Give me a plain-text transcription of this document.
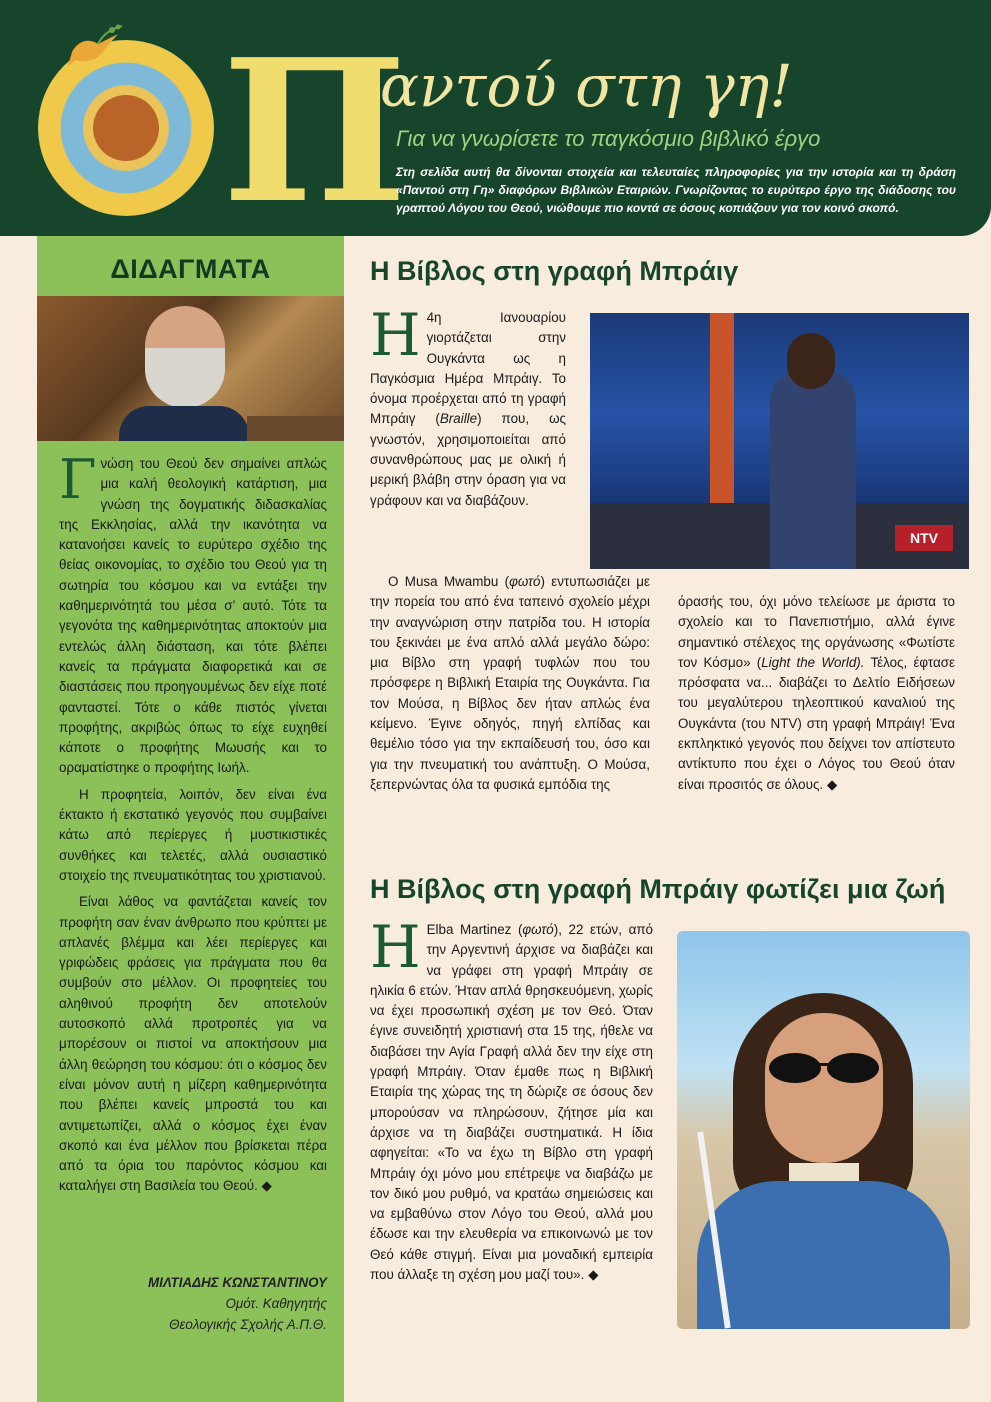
Π
αντού στη γη!
Για να γνωρίσετε το παγκόσμιο βιβλικό έργο
Στη σελίδα αυτή θα δίνονται στοιχεία και τελευταίες πληροφορίες για την ιστορία και τη δράση «Παντού στη Γη» διαφόρων Βιβλικών Εταιριών. Γνωρίζοντας το ευρύτερο έργο της διάδοσης του γραπτού Λόγου του Θεού, νιώθουμε πιο κοντά σε όσους κοπιάζουν για τον κοινό σκοπό.
ΔΙΔΑΓΜΑΤΑ

Γνώση του Θεού δεν σημαίνει απλώς μια καλή θεολογική κατάρτιση, μια γνώση της δογματικής διδασκαλίας της Εκκλησίας, αλλά την ικανότητα να κατανοήσει κανείς το ευρύτερο σχέδιο της θείας οικονομίας, το σχέδιο του Θεού για τη σωτηρία του κόσμου και να εντάξει την καθημερινότητά του μέσα σ’ αυτό. Τότε τα γεγονότα της καθημερινότητας αποκτούν μια εντελώς άλλη διάσταση, και τότε βλέπει κανείς τα πράγματα διαφορετικά και σε διαστάσεις που προηγουμένως δεν είχε ποτέ φανταστεί. Τότε ο κάθε πιστός γίνεται προφήτης, ακριβώς όπως το είχε ευχηθεί κάποτε ο προφήτης Μωυσής και το οραματίστηκε ο προφήτης Ιωήλ.

Η προφητεία, λοιπόν, δεν είναι ένα έκτακτο ή εκστατικό γεγονός που συμβαίνει κάτω από περίεργες ή μυστικιστικές συνθήκες και τελετές, αλλά ουσιαστικό στοιχείο της πνευματικότητας του χριστιανού.

Είναι λάθος να φαντάζεται κανείς τον προφήτη σαν έναν άνθρωπο που κρύπτει με απλανές βλέμμα και λέει περίεργες και γριφώδεις φράσεις για πράγματα που θα συμβούν στο μέλλον. Οι προφητείες του αληθινού προφήτη δεν αποτελούν αυτοσκοπό αλλά προτροπές για να μπορέσουν οι πιστοί να αποκτήσουν μια άλλη θεώρηση του κόσμου: ότι ο κόσμος δεν είναι μόνον αυτή η μίζερη καθημερινότητα που βλέπει κανείς μπροστά του και αντιμετωπίζει, αλλά ο κόσμος έχει έναν σκοπό και ένα μέλλον που βρίσκεται πέρα από τα όρια του παρόντος κόσμου και καταλήγει στη Βασιλεία του Θεού. ◆

ΜΙΛΤΙΑΔΗΣ ΚΩΝΣΤΑΝΤΙΝΟΥ
Ομότ. Καθηγητής
Θεολογικής Σχολής Α.Π.Θ.
Η Βίβλος στη γραφή Μπράιγ

Η 4η Ιανουαρίου γιορτάζεται στην Ουγκάντα ως η Παγκόσμια Ημέρα Μπράιγ. Το όνομα προέρχεται από τη γραφή Μπράιγ (Braille) που, ως γνωστόν, χρησιμοποιείται από συνανθρώπους μας με ολική ή μερική βλάβη στην όραση για να γράφουν και να διαβάζουν.

NTV

Ο Musa Mwambu (φωτό) εντυπωσιάζει με την πορεία του από ένα ταπεινό σχολείο μέχρι την αναγνώριση στην πατρίδα του. Η ιστορία του ξεκινάει με ένα απλό αλλά μεγάλο δώρο: μια Βίβλο στη γραφή τυφλών που του πρόσφερε η Βιβλική Εταιρία της Ουγκάντα. Για τον Μούσα, η Βίβλος δεν ήταν απλώς ένα κείμενο. Έγινε οδηγός, πηγή ελπίδας και θεμέλιο τόσο για την εκπαίδευσή του, όσο και για την πνευματική του ανάπτυξη. Ο Μούσα, ξεπερνώντας όλα τα φυσικά εμπόδια της

όρασής του, όχι μόνο τελείωσε με άριστα το σχολείο και το Πανεπιστήμιο, αλλά έγινε σημαντικό στέλεχος της οργάνωσης «Φωτίστε τον Κόσμο» (Light the World). Τέλος, έφτασε πρόσφατα να... διαβάζει το Δελτίο Ειδήσεων του μεγαλύτερου τηλεοπτικού καναλιού της Ουγκάντα (του NTV) στη γραφή Μπράιγ! Ένα εκπληκτικό γεγονός που δείχνει τον απίστευτο αντίκτυπο που έχει ο Λόγος του Θεού όταν είναι προσιτός σε όλους. ◆

Η Βίβλος στη γραφή Μπράιγ φωτίζει μια ζωή

Η Elba Martinez (φωτό), 22 ετών, από την Αργεντινή άρχισε να διαβάζει και να γράφει στη γραφή Μπράιγ σε ηλικία 6 ετών. Ήταν απλά θρησκευόμενη, χωρίς να έχει προσωπική σχέση με τον Θεό. Όταν έγινε συνειδητή χριστιανή στα 15 της, ήθελε να διαβάσει την Αγία Γραφή αλλά δεν την είχε στη γραφή Μπράιγ. Όταν έμαθε πως η Βιβλική Εταιρία της χώρας της τη δώριζε σε όσους δεν μπορούσαν να πληρώσουν, ζήτησε μία και άρχισε να τη διαβάζει συστηματικά. Η ίδια αφηγείται: «Το να έχω τη Βίβλο στη γραφή Μπράιγ όχι μόνο μου επέτρεψε να διαβάζω με τον δικό μου ρυθμό, να κρατάω σημειώσεις και να εμβαθύνω στον Λόγο του Θεού, αλλά μου έδωσε και την ελευθερία να επικοινωνώ με τον Θεό κάθε στιγμή. Είναι μια μοναδική εμπειρία που άλλαξε τη σχέση μου μαζί του». ◆
